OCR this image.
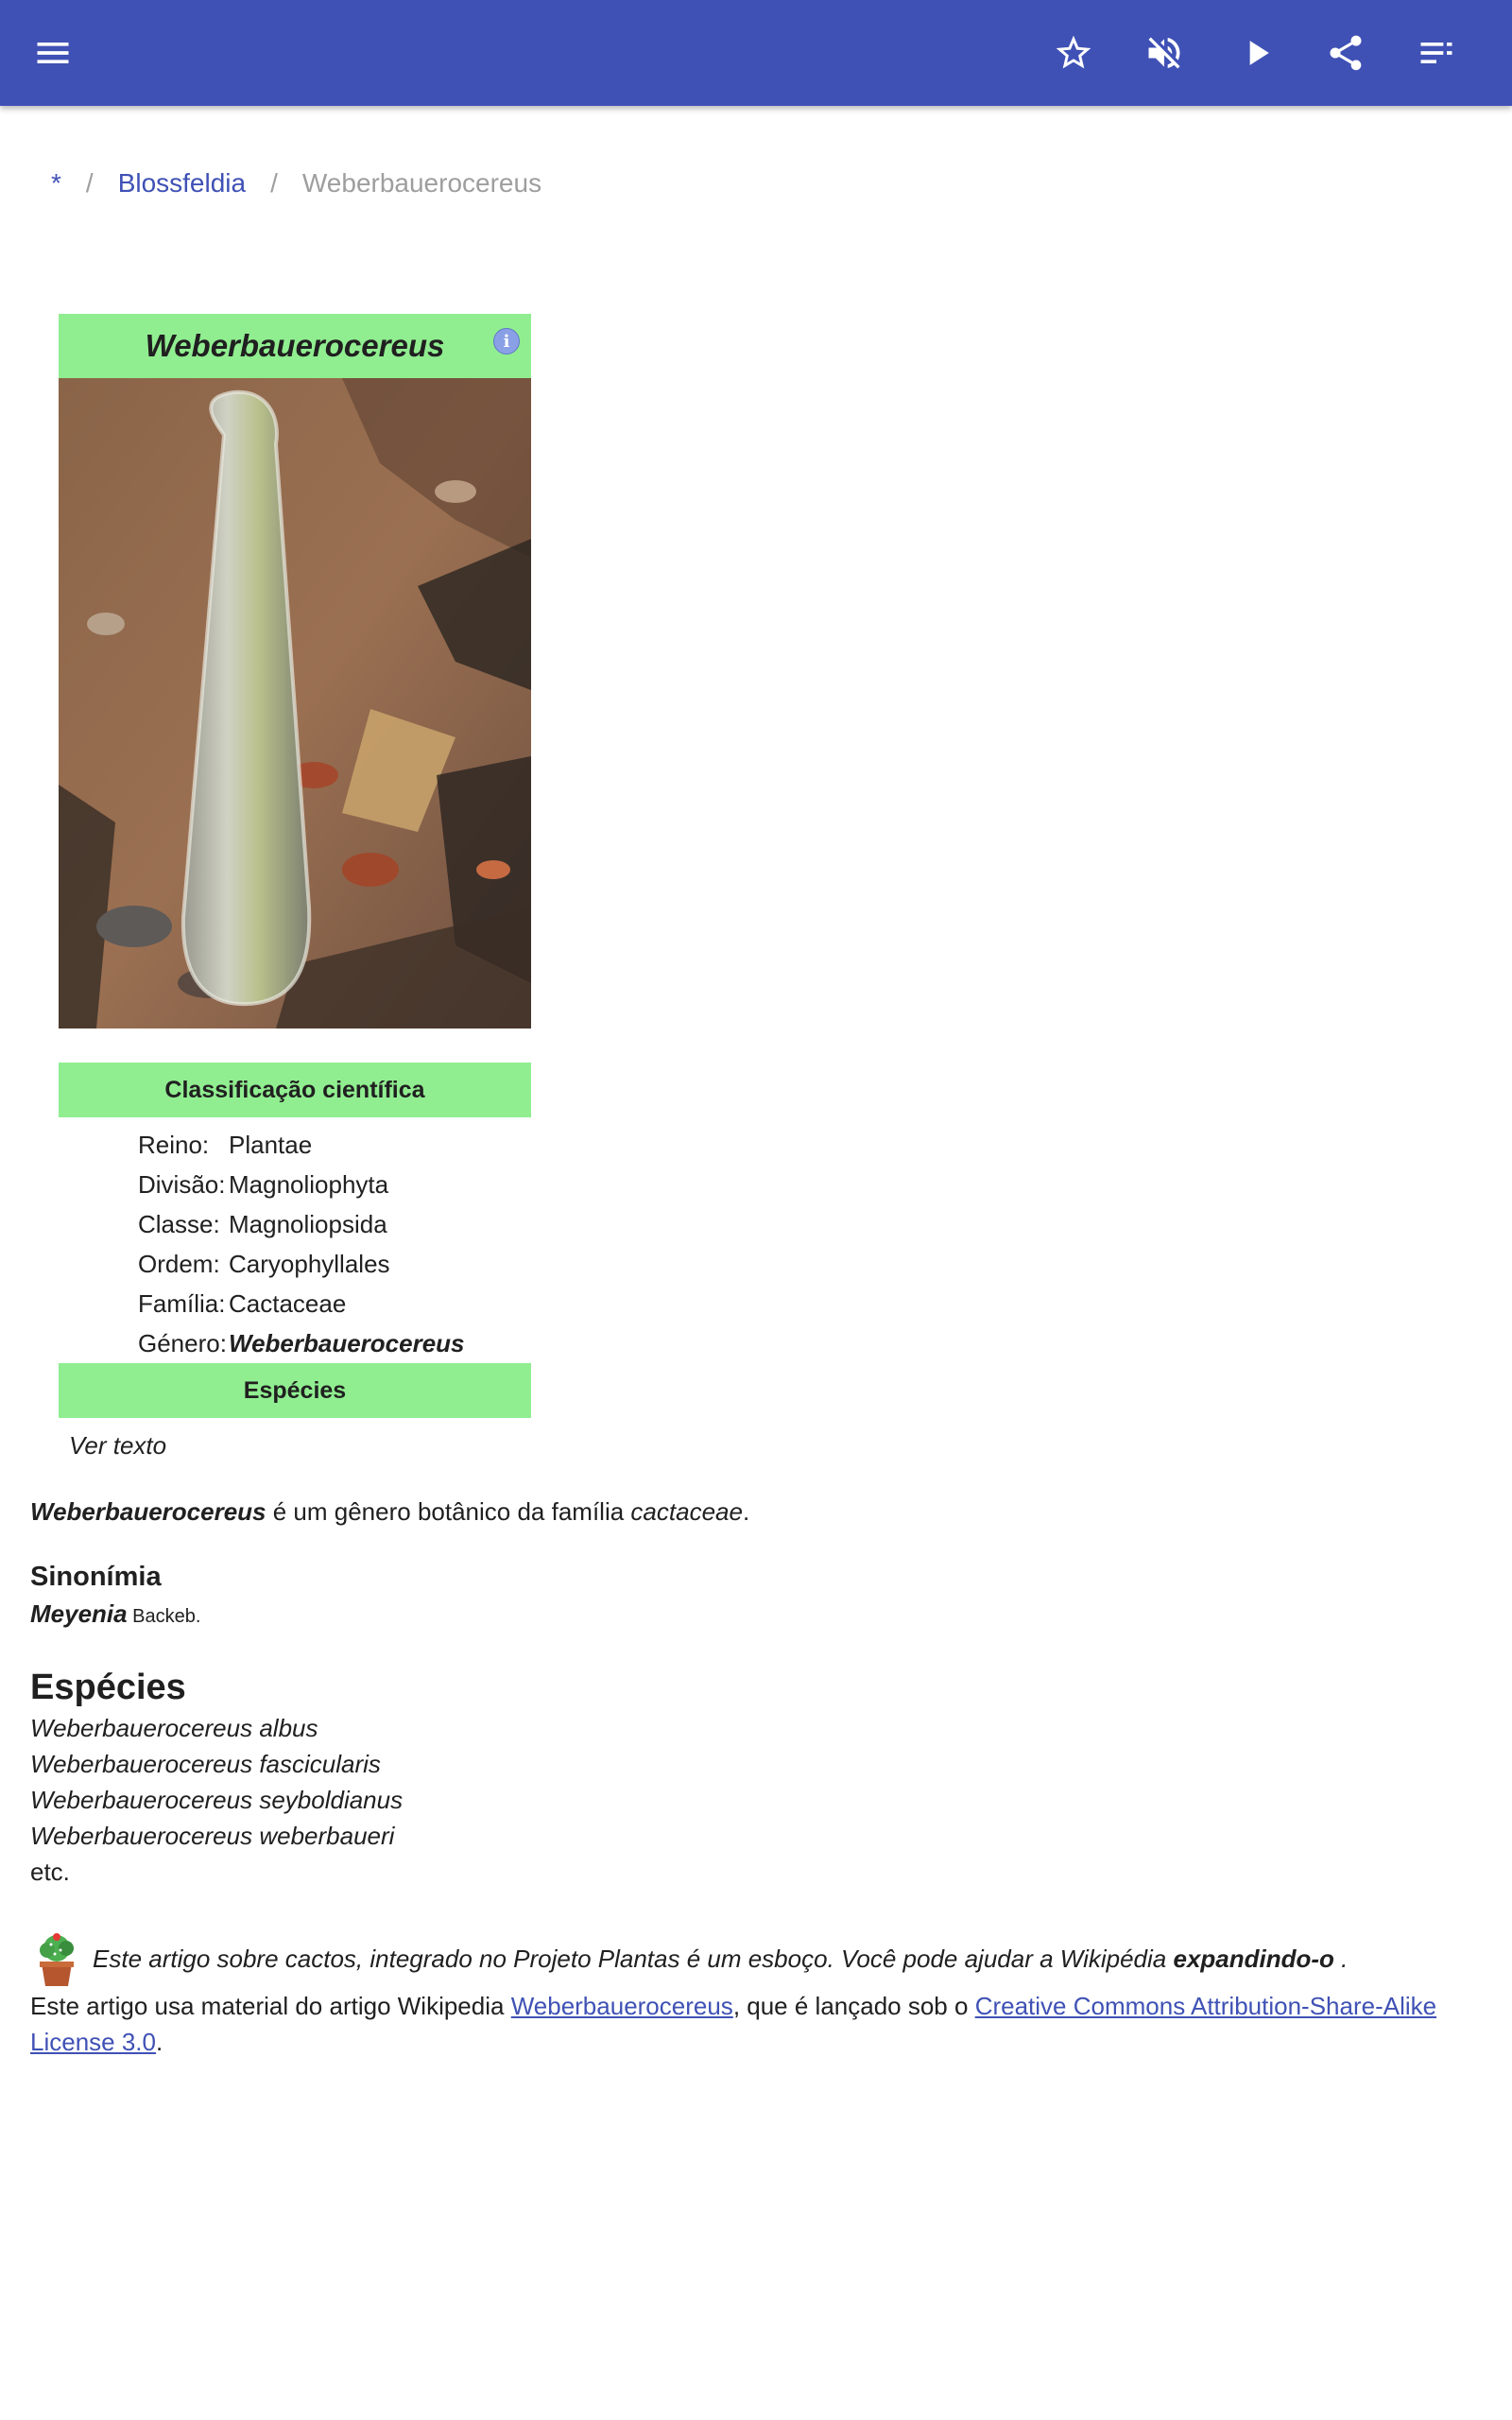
* / Blossfeldia / Weberbauerocereus
Weberbauerocereus	i
Classificação científica
Reino: Plantae
Divisão: Magnoliophyta
Classe: Magnoliopsida
Ordem: Caryophyllales
Família: Cactaceae
Género: Weberbauerocereus
Espécies
Ver texto

Weberbauerocereus é um gênero botânico da família cactaceae.

Sinonímia

Meyenia Backeb.

Espécies
Weberbauerocereus albus
Weberbauerocereus fascicularis
Weberbauerocereus seyboldianus
Weberbauerocereus weberbaueri
etc.
Este artigo sobre cactos, integrado no Projeto Plantas é um esboço. Você pode ajudar a Wikipédia expandindo-o .

Este artigo usa material do artigo Wikipedia Weberbauerocereus, que é lançado sob o Creative Commons Attribution-Share-Alike License 3.0.
